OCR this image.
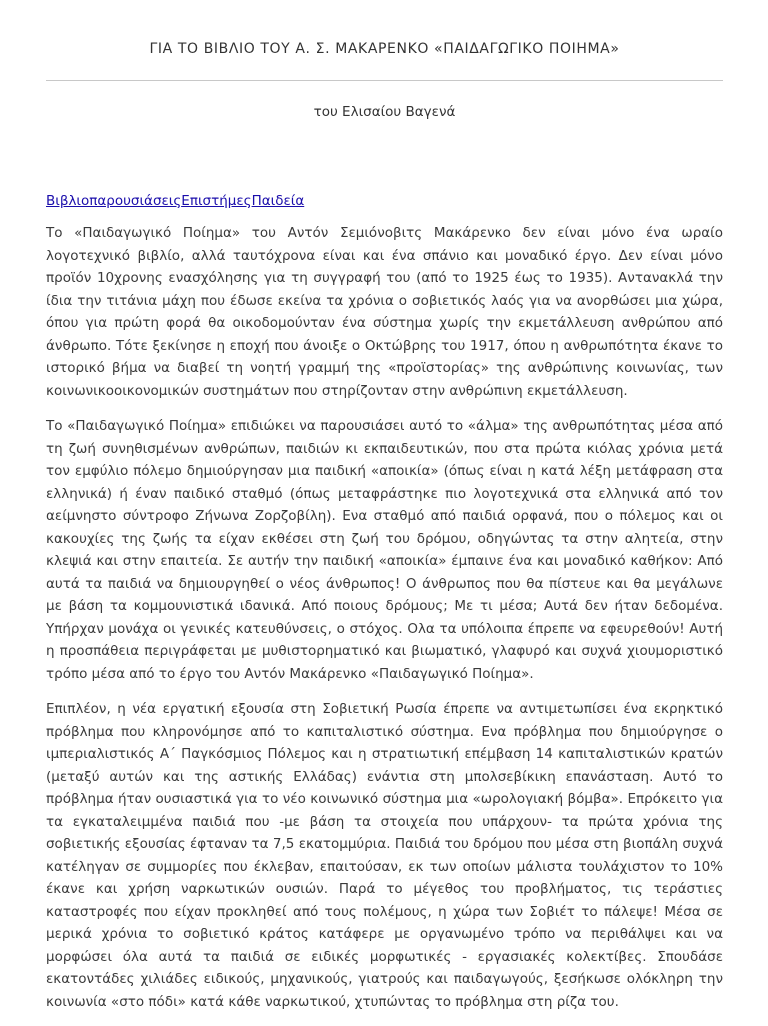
ΓΙΑ ΤΟ ΒΙΒΛΙΟ ΤΟΥ Α. Σ. ΜΑΚΑΡΕΝΚΟ «ΠΑΙΔΑΓΩΓΙΚΟ ΠΟΙΗΜΑ»

του Ελισαίου Βαγενά

ΒιβλιοπαρουσιάσειςΕπιστήμεςΠαιδεία

Το «Παιδαγωγικό Ποίημα» του Αντόν Σεμιόνοβιτς Μακάρενκο δεν είναι μόνο ένα ωραίο λογοτεχνικό βιβλίο, αλλά ταυτόχρονα είναι και ένα σπάνιο και μοναδικό έργο. Δεν είναι μόνο προϊόν 10χρονης ενασχόλησης για τη συγγραφή του (από το 1925 έως το 1935). Αντανακλά την ίδια την τιτάνια μάχη που έδωσε εκείνα τα χρόνια ο σοβιετικός λαός για να ανορθώσει μια χώρα, όπου για πρώτη φορά θα οικοδομούνταν ένα σύστημα χωρίς την εκμετάλλευση ανθρώπου από άνθρωπο. Τότε ξεκίνησε η εποχή που άνοιξε ο Οκτώβρης του 1917, όπου η ανθρωπότητα έκανε το ιστορικό βήμα να διαβεί τη νοητή γραμμή της «προϊστορίας» της ανθρώπινης κοινωνίας, των κοινωνικοοικονομικών συστημάτων που στηρίζονταν στην ανθρώπινη εκμετάλλευση.

Το «Παιδαγωγικό Ποίημα» επιδιώκει να παρουσιάσει αυτό το «άλμα» της ανθρωπότητας μέσα από τη ζωή συνηθισμένων ανθρώπων, παιδιών κι εκπαιδευτικών, που στα πρώτα κιόλας χρόνια μετά τον εμφύλιο πόλεμο δημιούργησαν μια παιδική «αποικία» (όπως είναι η κατά λέξη μετάφραση στα ελληνικά) ή έναν παιδικό σταθμό (όπως μεταφράστηκε πιο λογοτεχνικά στα ελληνικά από τον αείμνηστο σύντροφο Ζήνωνα Ζορζοβίλη). Ενα σταθμό από παιδιά ορφανά, που ο πόλεμος και οι κακουχίες της ζωής τα είχαν εκθέσει στη ζωή του δρόμου, οδηγώντας τα στην αλητεία, στην κλεψιά και στην επαιτεία. Σε αυτήν την παιδική «αποικία» έμπαινε ένα και μοναδικό καθήκον: Από αυτά τα παιδιά να δημιουργηθεί ο νέος άνθρωπος! Ο άνθρωπος που θα πίστευε και θα μεγάλωνε με βάση τα κομμουνιστικά ιδανικά. Από ποιους δρόμους; Με τι μέσα; Αυτά δεν ήταν δεδομένα. Υπήρχαν μονάχα οι γενικές κατευθύνσεις, ο στόχος. Ολα τα υπόλοιπα έπρεπε να εφευρεθούν! Αυτή η προσπάθεια περιγράφεται με μυθιστορηματικό και βιωματικό, γλαφυρό και συχνά χιουμοριστικό τρόπο μέσα από το έργο του Αντόν Μακάρενκο «Παιδαγωγικό Ποίημα».

Επιπλέον, η νέα εργατική εξουσία στη Σοβιετική Ρωσία έπρεπε να αντιμετωπίσει ένα εκρηκτικό πρόβλημα που κληρονόμησε από το καπιταλιστικό σύστημα. Ενα πρόβλημα που δημιούργησε ο ιμπεριαλιστικός Α΄ Παγκόσμιος Πόλεμος και η στρατιωτική επέμβαση 14 καπιταλιστικών κρατών (μεταξύ αυτών και της αστικής Ελλάδας) ενάντια στη μπολσεβίκικη επανάσταση. Αυτό το πρόβλημα ήταν ουσιαστικά για το νέο κοινωνικό σύστημα μια «ωρολογιακή βόμβα». Επρόκειτο για τα εγκαταλειμμένα παιδιά που -με βάση τα στοιχεία που υπάρχουν- τα πρώτα χρόνια της σοβιετικής εξουσίας έφταναν τα 7,5 εκατομμύρια. Παιδιά του δρόμου που μέσα στη βιοπάλη συχνά κατέληγαν σε συμμορίες που έκλεβαν, επαιτούσαν, εκ των οποίων μάλιστα τουλάχιστον το 10% έκανε και χρήση ναρκωτικών ουσιών. Παρά το μέγεθος του προβλήματος, τις τεράστιες καταστροφές που είχαν προκληθεί από τους πολέμους, η χώρα των Σοβιέτ το πάλεψε! Μέσα σε μερικά χρόνια το σοβιετικό κράτος κατάφερε με οργανωμένο τρόπο να περιθάλψει και να μορφώσει όλα αυτά τα παιδιά σε ειδικές μορφωτικές - εργασιακές κολεκτίβες. Σπουδάσε εκατοντάδες χιλιάδες ειδικούς, μηχανικούς, γιατρούς και παιδαγωγούς, ξεσήκωσε ολόκληρη την κοινωνία «στο πόδι» κατά κάθε ναρκωτικού, χτυπώντας το πρόβλημα στη ρίζα του.
